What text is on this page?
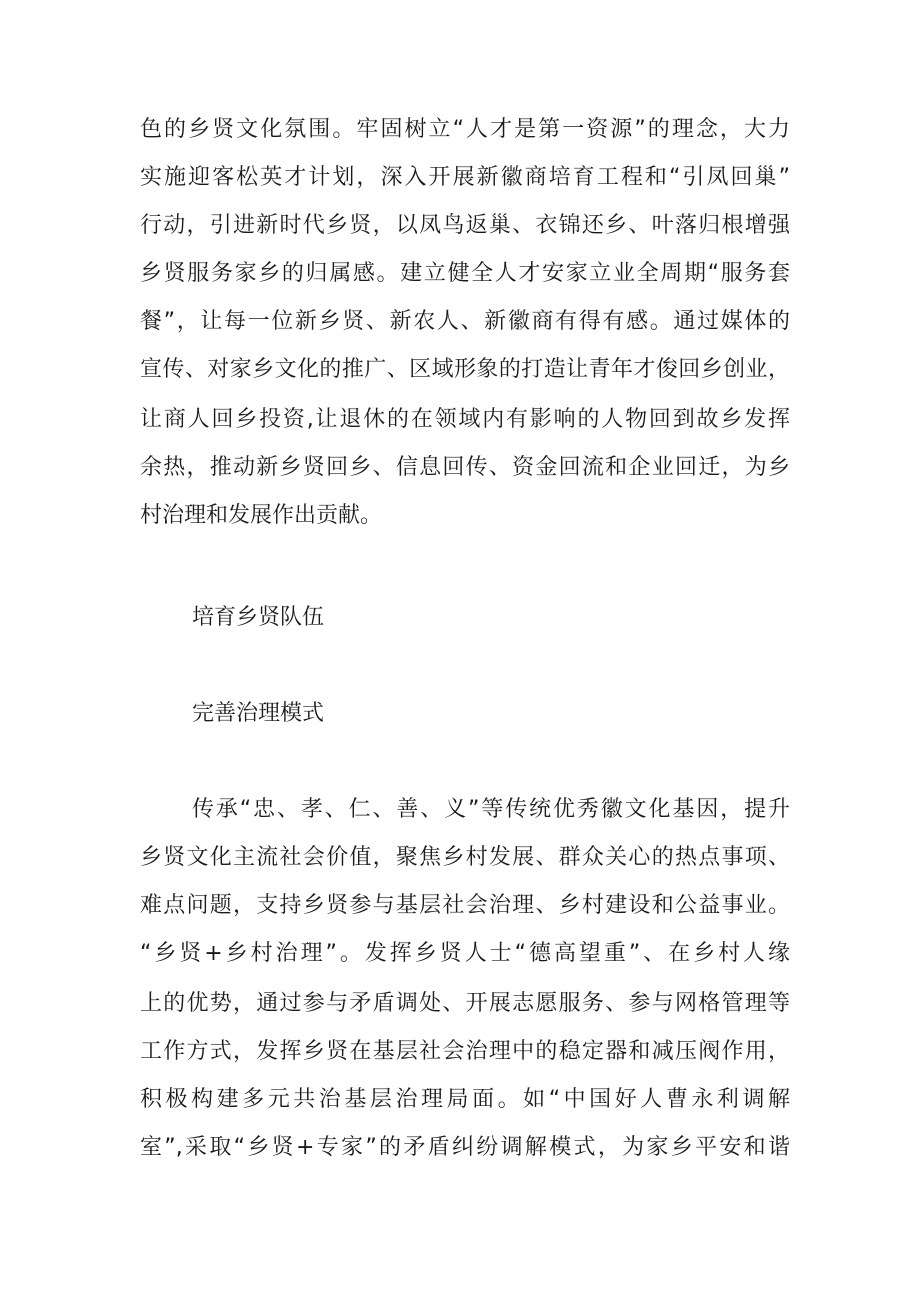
色的乡贤文化氛围。牢固树立“人才是第一资源”的理念，大力
实施迎客松英才计划，深入开展新徽商培育工程和“引凤回巢”
行动，引进新时代乡贤，以凤鸟返巢、衣锦还乡、叶落归根增强
乡贤服务家乡的归属感。建立健全人才安家立业全周期“服务套
餐”，让每一位新乡贤、新农人、新徽商有得有感。通过媒体的
宣传、对家乡文化的推广、区域形象的打造让青年才俊回乡创业，
让商人回乡投资,让退休的在领域内有影响的人物回到故乡发挥
余热，推动新乡贤回乡、信息回传、资金回流和企业回迁，为乡
村治理和发展作出贡献。
培育乡贤队伍
完善治理模式
传承“忠、孝、仁、善、义”等传统优秀徽文化基因，提升
乡贤文化主流社会价值，聚焦乡村发展、群众关心的热点事项、
难点问题，支持乡贤参与基层社会治理、乡村建设和公益事业。
“乡贤+乡村治理”。发挥乡贤人士“德高望重”、在乡村人缘
上的优势，通过参与矛盾调处、开展志愿服务、参与网格管理等
工作方式，发挥乡贤在基层社会治理中的稳定器和减压阀作用，
积极构建多元共治基层治理局面。如“中国好人曹永利调解
室”,采取“乡贤+专家”的矛盾纠纷调解模式，为家乡平安和谐
